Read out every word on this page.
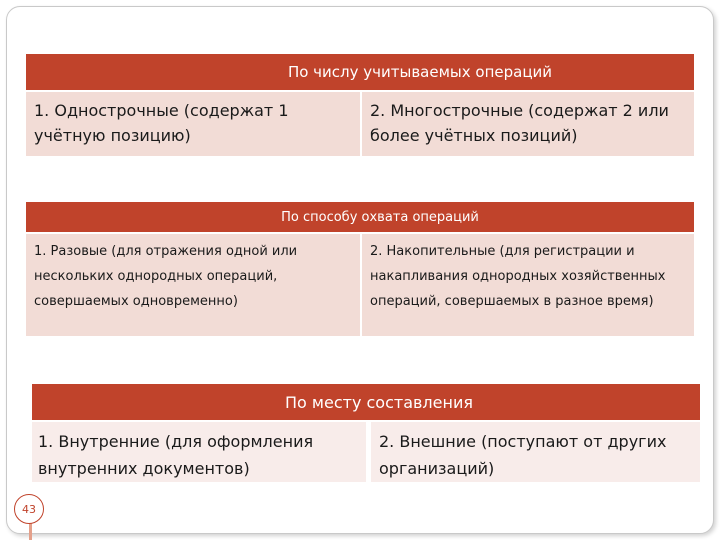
По числу учитываемых операций
1. Однострочные (содержат 1 учётную позицию)
2. Многострочные (содержат 2 или более учётных позиций)
По способу охвата операций
1. Разовые (для отражения одной или нескольких однородных операций, совершаемых одновременно)
2. Накопительные (для регистрации и накапливания однородных хозяйственных операций, совершаемых в разное время)
По месту составления
1. Внутренние (для оформления внутренних документов)
2. Внешние (поступают от других организаций)
43
